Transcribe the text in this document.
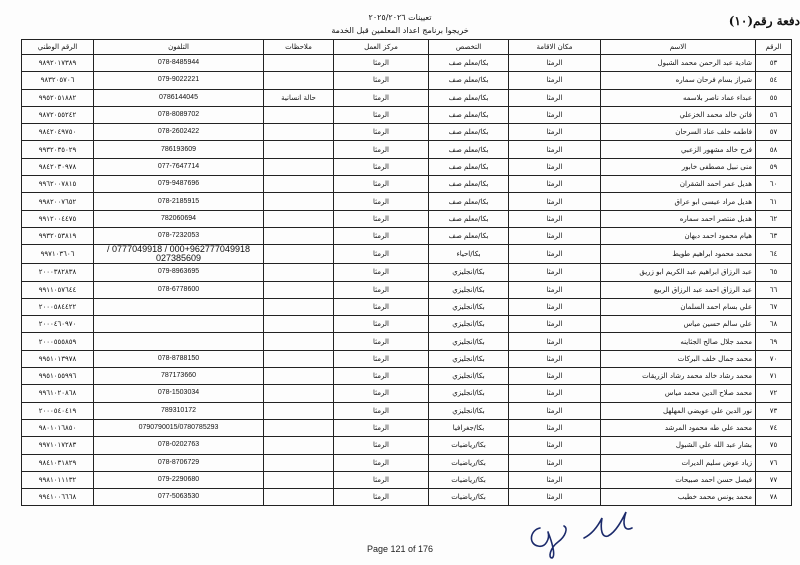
دفعة رقم(١٠)
تعيينات ٢٠٢٥/٢٠٢٦
خريجوا برنامج اعداد المعلمين قبل الخدمة
الرقم	الاسم	مكان الاقامة	التخصص	مركز العمل	ملاحظات	التلفون	الرقم الوطني
٥٣	شادية عبد الرحمن محمد الشبول	الرمثا	بكا/معلم صف	الرمثا		078-8485944	٩٨٩٢٠١٧٣٨٩
٥٤	شيراز بسام فرحان سماره	الرمثا	بكا/معلم صف	الرمثا		079-9022221	٩٨٣٢٠٥٧٠٦
٥٥	عبداء عماد ناصر بلاسمه	الرمثا	بكا/معلم صف	الرمثا	حالة انسانية	0786144045	٩٩٥٢٠٥١٨٨٢
٥٦	فاتن خالد محمد الخزعلي	الرمثا	بكا/معلم صف	الرمثا		078-8089702	٩٨٧٢٠٥٥٢٤٢
٥٧	فاطمه خلف عناد السرحان	الرمثا	بكا/معلم صف	الرمثا		078-2602422	٩٨٤٢٠٤٩٧٥٠
٥٨	فرح خالد مشهور الزعبي	الرمثا	بكا/معلم صف	الرمثا		786193609	٩٩٣٢٠٣٥٠٢٩
٥٩	منى نبيل مصطفى خابور	الرمثا	بكا/معلم صف	الرمثا		077-7647714	٩٨٤٢٠٣٠٩٧٨
٦٠	هديل عمر احمد الشقران	الرمثا	بكا/معلم صف	الرمثا		079-9487696	٩٩٦٢٠٠٧٨١٥
٦١	هديل مراد عيسى ابو عراق	الرمثا	بكا/معلم صف	الرمثا		078-2185915	٩٩٨٢٠٠٧٦٥٢
٦٢	هديل منتصر احمد سماره	الرمثا	بكا/معلم صف	الرمثا		782060694	٩٩١٢٠٠٤٤٧٥
٦٣	هيام محمود احمد دبهان	الرمثا	بكا/معلم صف	الرمثا		078-7232053	٩٩٣٢٠٥٣٨١٩
٦٤	محمد محمود ابراهيم طويط	الرمثا	بكا/احياء	الرمثا		000+962777049918 / 0777049918 / 027385609	٩٩٧١٠٣٦٠٦
٦٥	عبد الرزاق ابراهيم عبد الكريم ابو زريق	الرمثا	بكا/انجليزي	الرمثا		079-8963695	٢٠٠٠٣٨٢٨٣٨
٦٦	عبد الرزاق احمد عبد الرزاق الربيع	الرمثا	بكا/انجليزي	الرمثا		078-6778600	٩٩١١٠٥٧٦٤٤
٦٧	علي بسام احمد السلمان	الرمثا	بكا/انجليزي	الرمثا			٢٠٠٠٥٨٤٤٢٢
٦٨	علي سالم حسين مياس	الرمثا	بكا/انجليزي	الرمثا			٢٠٠٠٤٦٠٩٧٠
٦٩	محمد جلال صالح الجثاينه	الرمثا	بكا/انجليزي	الرمثا			٢٠٠٠٥٥٥٨٥٩
٧٠	محمد جمال خلف البركات	الرمثا	بكا/انجليزي	الرمثا		078-8788150	٩٩٥١٠١٣٩٧٨
٧١	محمد رشاد خالد محمد رشاد الزريقات	الرمثا	بكا/انجليزي	الرمثا		787173660	٩٩٥١٠٥٥٩٩٦
٧٢	محمد صلاح الدين محمد مياس	الرمثا	بكا/انجليزي	الرمثا		078-1503034	٩٩٦١٠٢٠٨٦٨
٧٣	نور الدين علي عويضي المهلهل	الرمثا	بكا/انجليزي	الرمثا		789310172	٢٠٠٠٥٤٠٤١٩
٧٤	محمد علي طه محمود المرشد	الرمثا	بكا/جغرافيا	الرمثا		0790790015/0780785293	٩٨٠١٠١٦٨٥٠
٧٥	بشار عبد الله علي الشبول	الرمثا	بكا/رياضيات	الرمثا		078-0202763	٩٩٧١٠١٧٢٨٣
٧٦	زياد عوض سليم الديرات	الرمثا	بكا/رياضيات	الرمثا		078-8706729	٩٨٤١٠٣١٨٢٩
٧٧	فيصل حسن احمد صبيحات	الرمثا	بكا/رياضيات	الرمثا		079-2290680	٩٩٨١٠١١١٣٢
٧٨	محمد يونس محمد خطيب	الرمثا	بكا/رياضيات	الرمثا		077-5063530	٩٩٤١٠٠٦٦٦٨
Page 121 of 176
